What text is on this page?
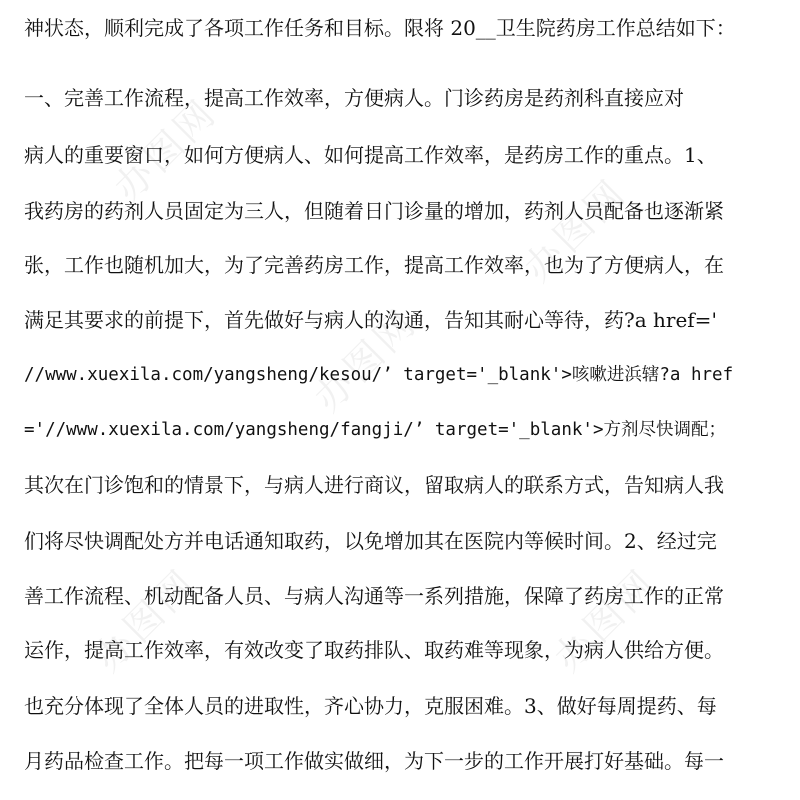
办图网
办图网
办图网
办图网	办图网
神状态，顺利完成了各项工作任务和目标。限将 20__卫生院药房工作总结如下：
一、完善工作流程，提高工作效率，方便病人。门诊药房是药剂科直接应对
病人的重要窗口，如何方便病人、如何提高工作效率，是药房工作的重点。1、
我药房的药剂人员固定为三人，但随着日门诊量的增加，药剂人员配备也逐渐紧
张，工作也随机加大，为了完善药房工作，提高工作效率，也为了方便病人，在
满足其要求的前提下，首先做好与病人的沟通，告知其耐心等待，药?a href='
//www.xuexila.com/yangsheng/kesou/’ target='_blank'>咳嗽进浜辖?a href
='//www.xuexila.com/yangsheng/fangji/’ target='_blank'>方剂尽快调配；
其次在门诊饱和的情景下，与病人进行商议，留取病人的联系方式，告知病人我
们将尽快调配处方并电话通知取药，以免增加其在医院内等候时间。2、经过完
善工作流程、机动配备人员、与病人沟通等一系列措施，保障了药房工作的正常
运作，提高工作效率，有效改变了取药排队、取药难等现象，为病人供给方便。
也充分体现了全体人员的进取性，齐心协力，克服困难。3、做好每周提药、每
月药品检查工作。把每一项工作做实做细，为下一步的工作开展打好基础。每一
